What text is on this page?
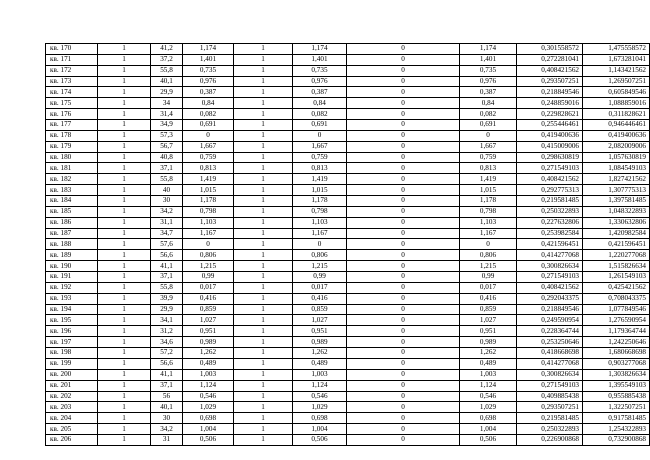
кв. 170	1	41,2	1,174	1	1,174	0	1,174	0,301558572	1,475558572
кв. 171	1	37,2	1,401	1	1,401	0	1,401	0,272281041	1,673281041
кв. 172	1	55,8	0,735	1	0,735	0	0,735	0,408421562	1,143421562
кв. 173	1	40,1	0,976	1	0,976	0	0,976	0,293507251	1,269507251
кв. 174	1	29,9	0,387	1	0,387	0	0,387	0,218849546	0,605849546
кв. 175	1	34	0,84	1	0,84	0	0,84	0,248859016	1,088859016
кв. 176	1	31,4	0,082	1	0,082	0	0,082	0,229828621	0,311828621
кв. 177	1	34,9	0,691	1	0,691	0	0,691	0,255446461	0,946446461
кв. 178	1	57,3	0	1	0	0	0	0,419400636	0,419400636
кв. 179	1	56,7	1,667	1	1,667	0	1,667	0,415009006	2,082009006
кв. 180	1	40,8	0,759	1	0,759	0	0,759	0,298630819	1,057630819
кв. 181	1	37,1	0,813	1	0,813	0	0,813	0,271549103	1,084549103
кв. 182	1	55,8	1,419	1	1,419	0	1,419	0,408421562	1,827421562
кв. 183	1	40	1,015	1	1,015	0	1,015	0,292775313	1,307775313
кв. 184	1	30	1,178	1	1,178	0	1,178	0,219581485	1,397581485
кв. 185	1	34,2	0,798	1	0,798	0	0,798	0,250322893	1,048322893
кв. 186	1	31,1	1,103	1	1,103	0	1,103	0,227632806	1,330632806
кв. 187	1	34,7	1,167	1	1,167	0	1,167	0,253982584	1,420982584
кв. 188	1	57,6	0	1	0	0	0	0,421596451	0,421596451
кв. 189	1	56,6	0,806	1	0,806	0	0,806	0,414277068	1,220277068
кв. 190	1	41,1	1,215	1	1,215	0	1,215	0,300826634	1,515826634
кв. 191	1	37,1	0,99	1	0,99	0	0,99	0,271549103	1,261549103
кв. 192	1	55,8	0,017	1	0,017	0	0,017	0,408421562	0,425421562
кв. 193	1	39,9	0,416	1	0,416	0	0,416	0,292043375	0,708043375
кв. 194	1	29,9	0,859	1	0,859	0	0,859	0,218849546	1,077849546
кв. 195	1	34,1	1,027	1	1,027	0	1,027	0,249590954	1,276590954
кв. 196	1	31,2	0,951	1	0,951	0	0,951	0,228364744	1,179364744
кв. 197	1	34,6	0,989	1	0,989	0	0,989	0,253250646	1,242250646
кв. 198	1	57,2	1,262	1	1,262	0	1,262	0,418668698	1,680668698
кв. 199	1	56,6	0,489	1	0,489	0	0,489	0,414277068	0,903277068
кв. 200	1	41,1	1,003	1	1,003	0	1,003	0,300826634	1,303826634
кв. 201	1	37,1	1,124	1	1,124	0	1,124	0,271549103	1,395549103
кв. 202	1	56	0,546	1	0,546	0	0,546	0,409885438	0,955885438
кв. 203	1	40,1	1,029	1	1,029	0	1,029	0,293507251	1,322507251
кв. 204	1	30	0,698	1	0,698	0	0,698	0,219581485	0,917581485
кв. 205	1	34,2	1,004	1	1,004	0	1,004	0,250322893	1,254322893
кв. 206	1	31	0,506	1	0,506	0	0,506	0,226900868	0,732900868
